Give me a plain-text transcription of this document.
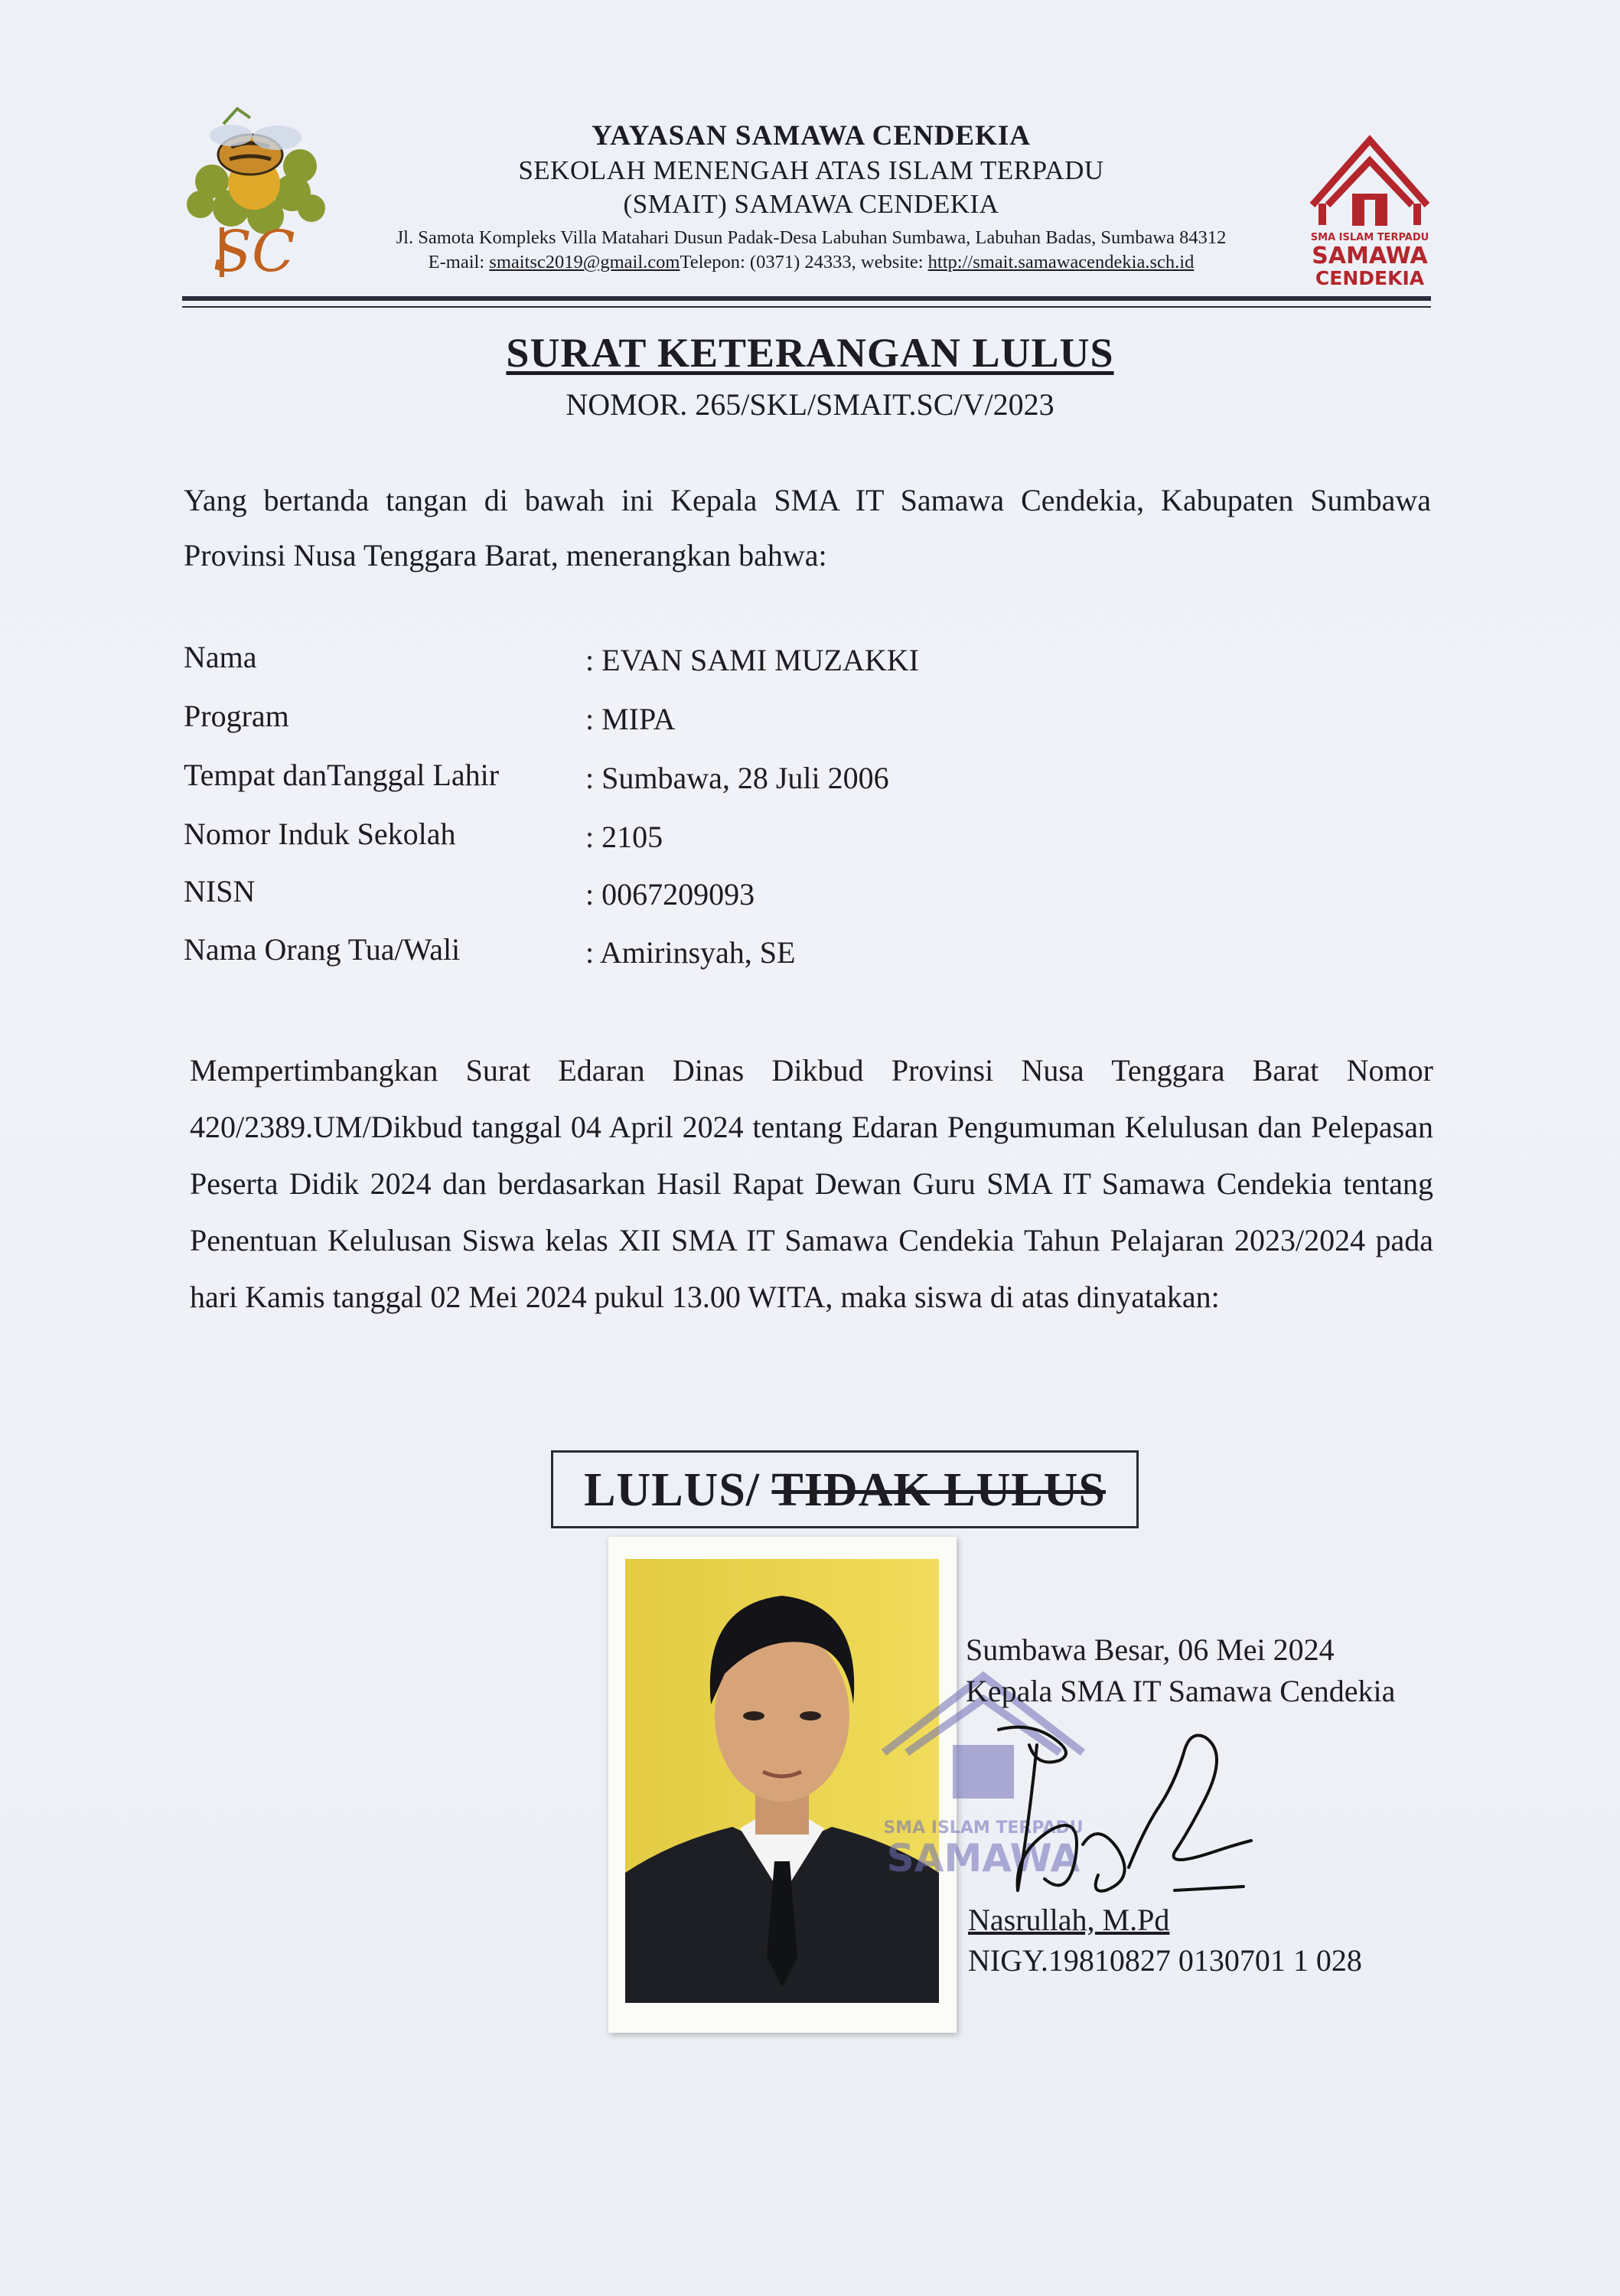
SC
YAYASAN SAMAWA CENDEKIA
SEKOLAH MENENGAH ATAS ISLAM TERPADU
(SMAIT) SAMAWA CENDEKIA
Jl. Samota Kompleks Villa Matahari Dusun Padak-Desa Labuhan Sumbawa, Labuhan Badas, Sumbawa 84312
E-mail: smaitsc2019@gmail.comTelepon: (0371) 24333, website: http://smait.samawacendekia.sch.id
SMA ISLAM TERPADU
SAMAWA
CENDEKIA
SURAT KETERANGAN LULUS
NOMOR. 265/SKL/SMAIT.SC/V/2023
Yang bertanda tangan di bawah ini Kepala SMA IT Samawa Cendekia, Kabupaten Sumbawa Provinsi Nusa Tenggara Barat, menerangkan bahwa:
Nama	: EVAN SAMI MUZAKKI
Program	: MIPA
Tempat danTanggal Lahir	: Sumbawa, 28 Juli 2006
Nomor Induk Sekolah	: 2105
NISN	: 0067209093
Nama Orang Tua/Wali	: Amirinsyah, SE
Mempertimbangkan Surat Edaran Dinas Dikbud Provinsi Nusa Tenggara Barat Nomor 420/2389.UM/Dikbud tanggal 04 April 2024 tentang Edaran Pengumuman Kelulusan dan Pelepasan Peserta Didik 2024 dan berdasarkan Hasil Rapat Dewan Guru SMA IT Samawa Cendekia tentang Penentuan Kelulusan Siswa kelas XII SMA IT Samawa Cendekia Tahun Pelajaran 2023/2024 pada hari Kamis tanggal 02 Mei 2024 pukul 13.00 WITA, maka siswa di atas dinyatakan:
LULUS/ TIDAK LULUS
SMA ISLAM TERPADU
SAMAWA
Sumbawa Besar, 06 Mei 2024
Kepala SMA IT Samawa Cendekia
Nasrullah, M.Pd
NIGY.19810827 0130701 1 028
